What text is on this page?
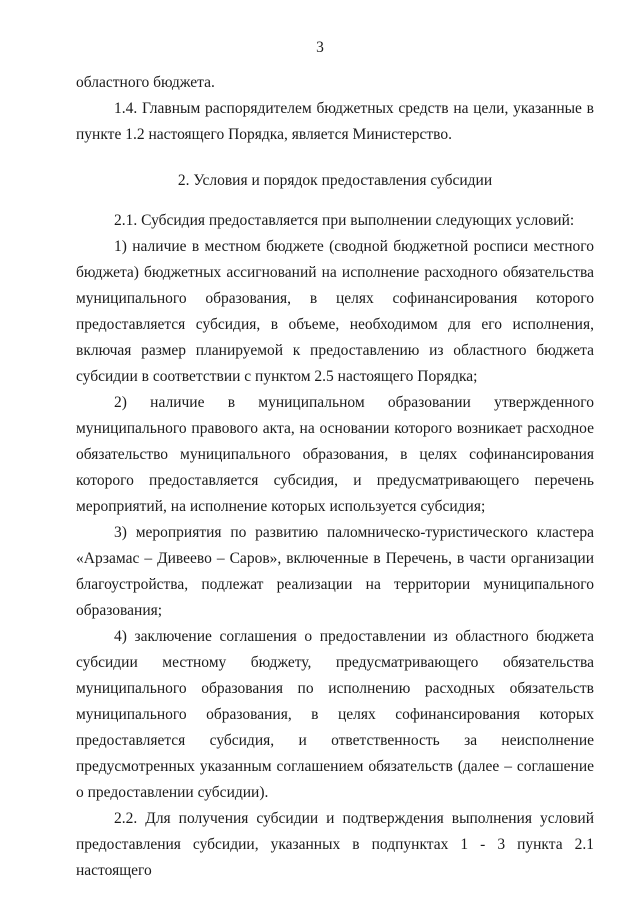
3

областного бюджета.

1.4. Главным распорядителем бюджетных средств на цели, указанные в пункте 1.2 настоящего Порядка, является Министерство.

2. Условия и порядок предоставления субсидии

2.1. Субсидия предоставляется при выполнении следующих условий:

1) наличие в местном бюджете (сводной бюджетной росписи местного бюджета) бюджетных ассигнований на исполнение расходного обязательства муниципального образования, в целях софинансирования которого предоставляется субсидия, в объеме, необходимом для его исполнения, включая размер планируемой к предоставлению из областного бюджета субсидии в соответствии с пунктом 2.5 настоящего Порядка;

2) наличие в муниципальном образовании утвержденного муниципального правового акта, на основании которого возникает расходное обязательство муниципального образования, в целях софинансирования которого предоставляется субсидия, и предусматривающего перечень мероприятий, на исполнение которых используется субсидия;

3) мероприятия по развитию паломническо-туристического кластера «Арзамас – Дивеево – Саров», включенные в Перечень, в части организации благоустройства, подлежат реализации на территории муниципального образования;

4) заключение соглашения о предоставлении из областного бюджета субсидии местному бюджету, предусматривающего обязательства муниципального образования по исполнению расходных обязательств муниципального образования, в целях софинансирования которых предоставляется субсидия, и ответственность за неисполнение предусмотренных указанным соглашением обязательств (далее – соглашение о предоставлении субсидии).

2.2. Для получения субсидии и подтверждения выполнения условий предоставления субсидии, указанных в подпунктах 1 - 3 пункта 2.1 настоящего
